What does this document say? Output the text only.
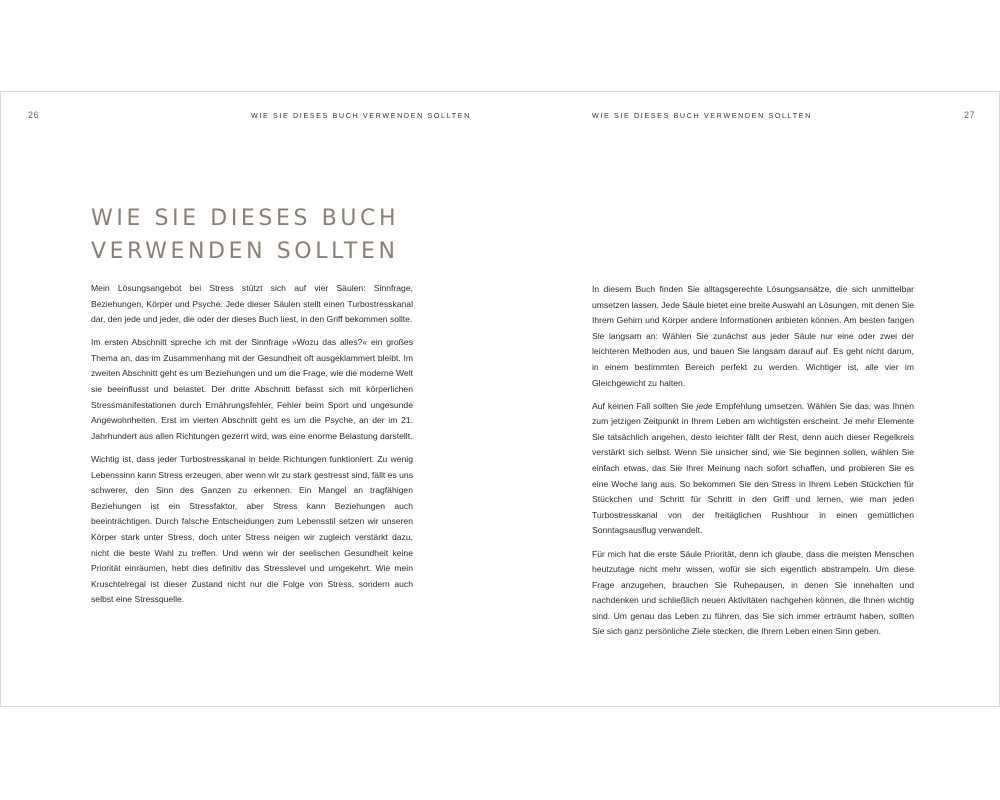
26	WIE SIE DIESES BUCH VERWENDEN SOLLTEN
WIE SIE DIESES BUCH
VERWENDEN SOLLTEN

Mein Lösungsangebot bei Stress stützt sich auf vier Säulen: Sinnfrage, Beziehungen, Körper und Psyche. Jede dieser Säulen stellt einen Turbostresskanal dar, den jede und jeder, die oder der dieses Buch liest, in den Griff bekommen sollte.

Im ersten Abschnitt spreche ich mit der Sinnfrage »Wozu das alles?« ein großes Thema an, das im Zusammenhang mit der Gesundheit oft ausgeklammert bleibt. Im zweiten Abschnitt geht es um Beziehungen und um die Frage, wie die moderne Welt sie beeinflusst und belastet. Der dritte Abschnitt befasst sich mit körperlichen Stressmanifestationen durch Ernährungsfehler, Fehler beim Sport und ungesunde Angewohnheiten. Erst im vierten Abschnitt geht es um die Psyche, an der im 21. Jahrhundert aus allen Richtungen gezerrt wird, was eine enorme Belastung darstellt.

Wichtig ist, dass jeder Turbostresskanal in beide Richtungen funktioniert. Zu wenig Lebenssinn kann Stress erzeugen, aber wenn wir zu stark gestresst sind, fällt es uns schwerer, den Sinn des Ganzen zu erkennen. Ein Mangel an tragfähigen Beziehungen ist ein Stressfaktor, aber Stress kann Beziehungen auch beeinträchtigen. Durch falsche Entscheidungen zum Lebensstil setzen wir unseren Körper stark unter Stress, doch unter Stress neigen wir zugleich verstärkt dazu, nicht die beste Wahl zu treffen. Und wenn wir der seelischen Gesundheit keine Priorität einräumen, hebt dies definitiv das Stresslevel und umgekehrt. Wie mein Kruschtelregal ist dieser Zustand nicht nur die Folge von Stress, sondern auch selbst eine Stressquelle.

WIE SIE DIESES BUCH VERWENDEN SOLLTEN	27

In diesem Buch finden Sie alltagsgerechte Lösungsansätze, die sich unmittelbar umsetzen lassen. Jede Säule bietet eine breite Auswahl an Lösungen, mit denen Sie Ihrem Gehirn und Körper andere Informationen anbieten können. Am besten fangen Sie langsam an: Wählen Sie zunächst aus jeder Säule nur eine oder zwei der leichteren Methoden aus, und bauen Sie langsam darauf auf. Es geht nicht darum, in einem bestimmten Bereich perfekt zu werden. Wichtiger ist, alle vier im Gleichgewicht zu halten.

Auf keinen Fall sollten Sie jede Empfehlung umsetzen. Wählen Sie das, was Ihnen zum jetzigen Zeitpunkt in Ihrem Leben am wichtigsten erscheint. Je mehr Elemente Sie tatsächlich angehen, desto leichter fällt der Rest, denn auch dieser Regelkreis verstärkt sich selbst. Wenn Sie unsicher sind, wie Sie beginnen sollen, wählen Sie einfach etwas, das Sie Ihrer Meinung nach sofort schaffen, und probieren Sie es eine Woche lang aus. So bekommen Sie den Stress in Ihrem Leben Stückchen für Stückchen und Schritt für Schritt in den Griff und lernen, wie man jeden Turbostresskanal von der freitäglichen Rushhour in einen gemütlichen Sonntagsausflug verwandelt.

Für mich hat die erste Säule Priorität, denn ich glaube, dass die meisten Menschen heutzutage nicht mehr wissen, wofür sie sich eigentlich abstrampeln. Um diese Frage anzugehen, brauchen Sie Ruhepausen, in denen Sie innehalten und nachdenken und schließlich neuen Aktivitäten nachgehen können, die Ihnen wichtig sind. Um genau das Leben zu führen, das Sie sich immer erträumt haben, sollten Sie sich ganz persönliche Ziele stecken, die Ihrem Leben einen Sinn geben.
